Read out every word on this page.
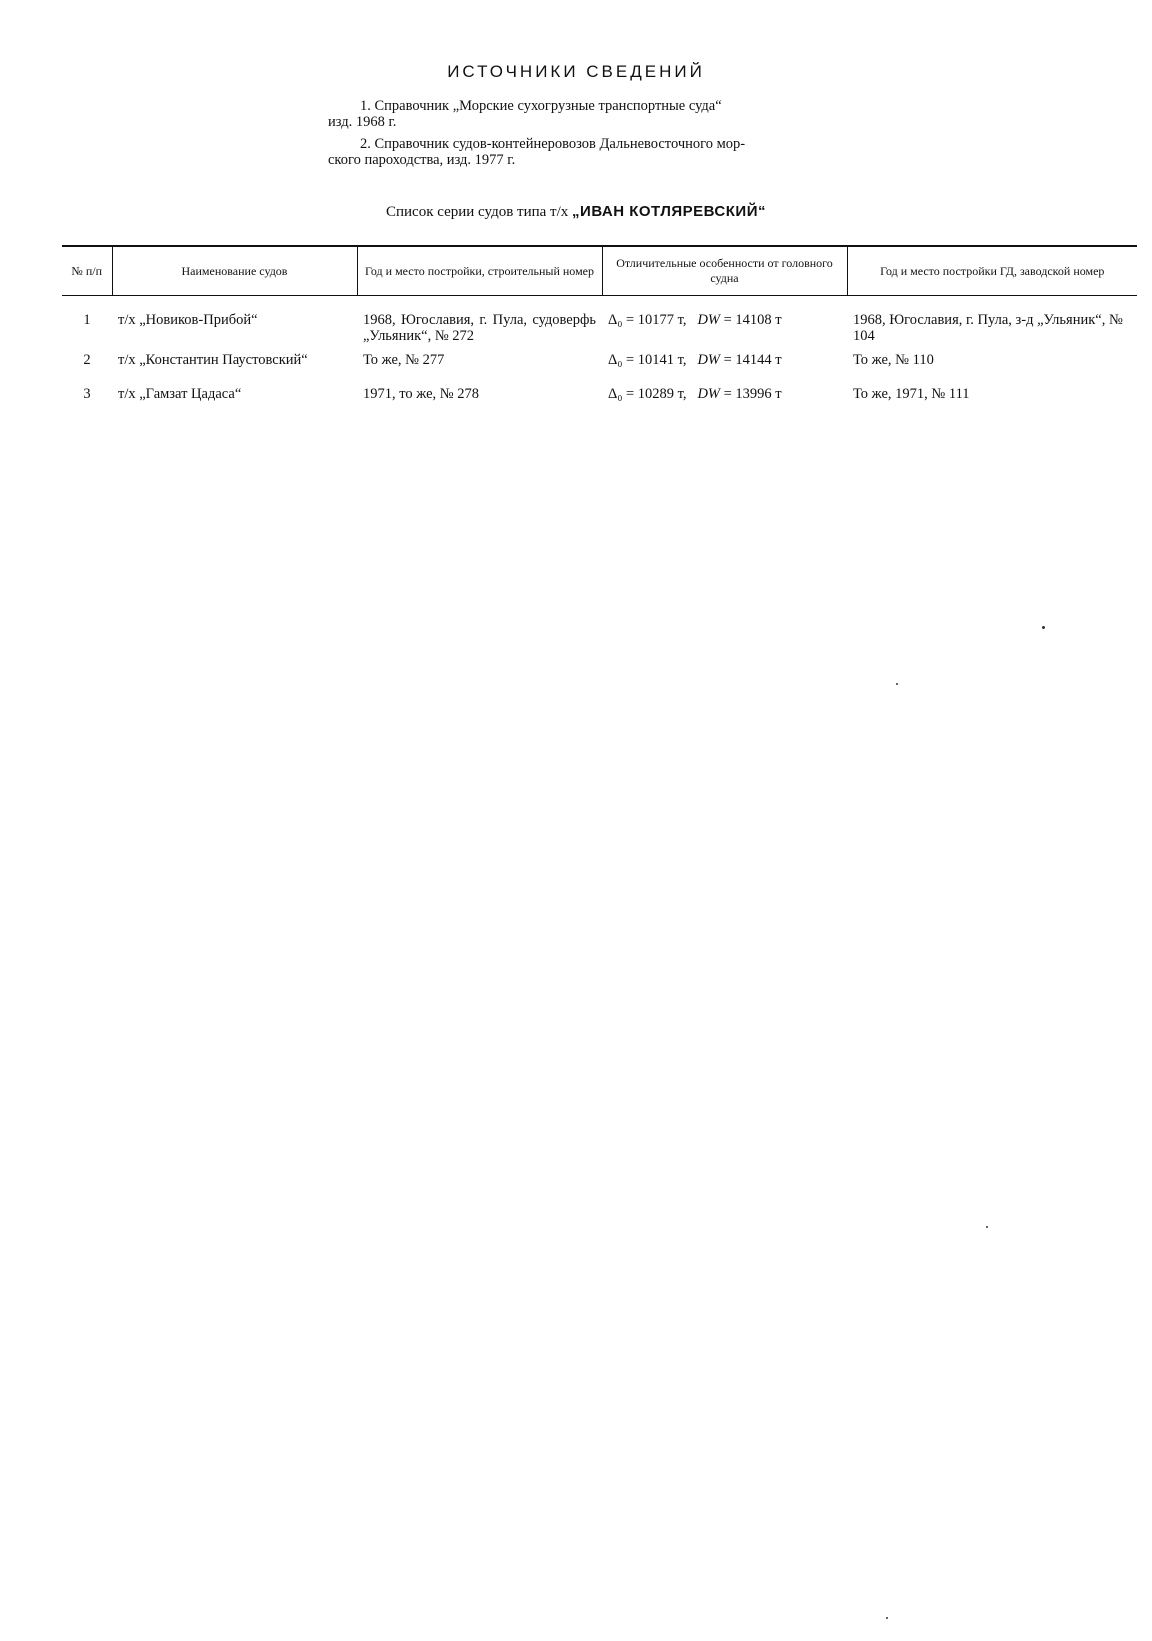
ИСТОЧНИКИ СВЕДЕНИЙ
1. Справочник „Морские сухогрузные транспортные суда“
изд. 1968 г.
2. Справочник судов-контейнеровозов Дальневосточного мор-
ского пароходства, изд. 1977 г.
Список серии судов типа т/х „ИВАН КОТЛЯРЕВСКИЙ“
№ п/п	Наименование судов	Год и место постройки, строительный номер	Отличительные особенности от головного судна	Год и место постройки ГД, заводской номер
1	т/х „Новиков-Прибой“	1968, Югославия, г. Пула, судоверфь „Ульяник“, № 272	Δ₀ = 10177 т, DW = 14108 т	1968, Югославия, г. Пула, з-д „Ульяник“, № 104
2	т/х „Константин Паустовский“	То же, № 277	Δ₀ = 10141 т, DW = 14144 т	То же, № 110
3	т/х „Гамзат Цадаса“	1971, то же, № 278	Δ₀ = 10289 т, DW = 13996 т	То же, 1971, № 111
